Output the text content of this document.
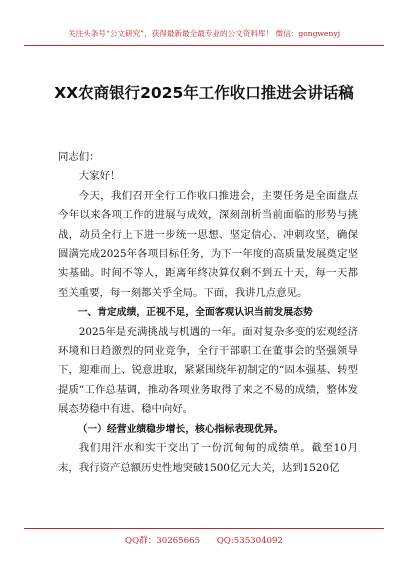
关注头条号“公文研究”，获得最新最全最专业的公文资料库！ 微信：gongwenyj
XX农商银行2025年工作收口推进会讲话稿

同志们：

大家好！

今天，我们召开全行工作收口推进会，主要任务是全面盘点今年以来各项工作的进展与成效，深刻剖析当前面临的形势与挑战，动员全行上下进一步统一思想、坚定信心、冲刺攻坚，确保圆满完成2025年各项目标任务，为下一年度的高质量发展奠定坚实基础。时间不等人，距离年终决算仅剩不到五十天，每一天都至关重要，每一刻都关乎全局。下面，我讲几点意见。

一、肯定成绩，正视不足，全面客观认识当前发展态势

2025年是充满挑战与机遇的一年。面对复杂多变的宏观经济环境和日趋激烈的同业竞争，全行干部职工在董事会的坚强领导下，迎难而上、锐意进取，紧紧围绕年初制定的“固本强基、转型提质”工作总基调，推动各项业务取得了来之不易的成绩，整体发展态势稳中有进、稳中向好。

（一）经营业绩稳步增长，核心指标表现优异。

我们用汗水和实干交出了一份沉甸甸的成绩单。截至10月末，我行资产总额历史性地突破1500亿元大关，达到1520亿

QQ群：30265665 QQ:535304092
